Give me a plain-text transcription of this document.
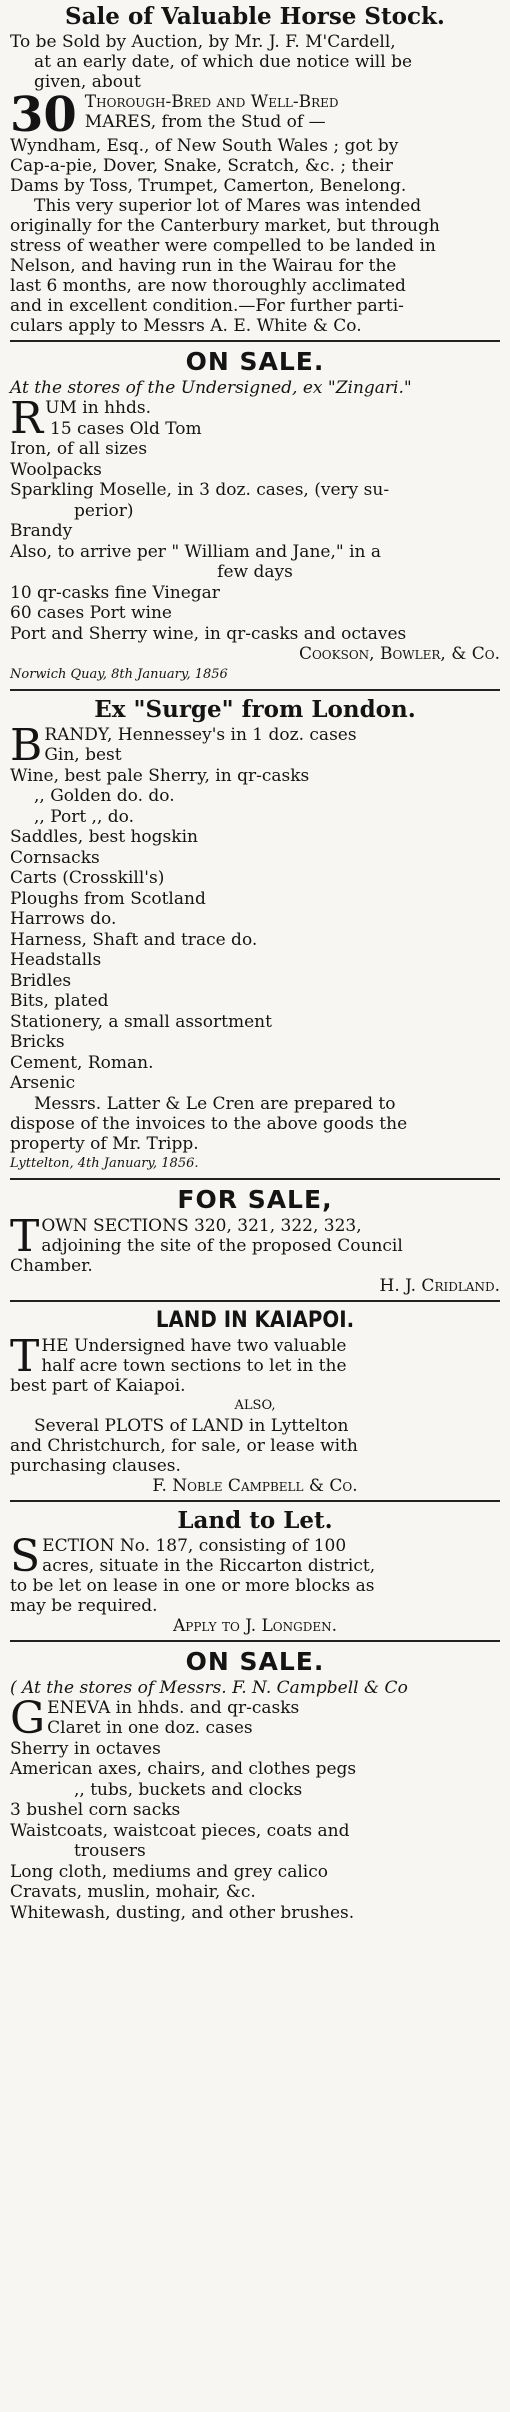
Sale of Valuable Horse Stock.

To be Sold by Auction, by Mr. J. F. M'Cardell,

at an early date, of which due notice will be

given, about

30 Thorough-Bred and Well-Bred

MARES, from the Stud of —

Wyndham, Esq., of New South Wales ; got by

Cap-a-pie, Dover, Snake, Scratch, &c. ; their

Dams by Toss, Trumpet, Camerton, Benelong.

This very superior lot of Mares was intended

originally for the Canterbury market, but through

stress of weather were compelled to be landed in

Nelson, and having run in the Wairau for the

last 6 months, are now thoroughly acclimated

and in excellent condition.—For further parti-

culars apply to Messrs A. E. White & Co.

ON SALE.

At the stores of the Undersigned, ex "Zingari."

R UM in hhds.

15 cases Old Tom

Iron, of all sizes

Woolpacks

Sparkling Moselle, in 3 doz. cases, (very su-

perior)

Brandy

Also, to arrive per " William and Jane," in a

few days

10 qr-casks fine Vinegar

60 cases Port wine

Port and Sherry wine, in qr-casks and octaves

Cookson, Bowler, & Co.

Norwich Quay, 8th January, 1856

Ex "Surge" from London.
B RANDY, Hennessey's in 1 doz. cases

Gin, best

Wine, best pale Sherry, in qr-casks

,, Golden do. do.

,, Port ,, do.

Saddles, best hogskin

Cornsacks

Carts (Crosskill's)

Ploughs from Scotland

Harrows do.

Harness, Shaft and trace do.

Headstalls

Bridles

Bits, plated

Stationery, a small assortment

Bricks

Cement, Roman.

Arsenic

Messrs. Latter & Le Cren are prepared to

dispose of the invoices to the above goods the

property of Mr. Tripp.

Lyttelton, 4th January, 1856.

FOR SALE,
T OWN SECTIONS 320, 321, 322, 323,

adjoining the site of the proposed Council

Chamber.

H. J. Cridland.

LAND IN KAIAPOI.
T HE Undersigned have two valuable

half acre town sections to let in the

best part of Kaiapoi.

ALSO,

Several PLOTS of LAND in Lyttelton

and Christchurch, for sale, or lease with

purchasing clauses.

F. Noble Campbell & Co.

Land to Let.
S ECTION No. 187, consisting of 100

acres, situate in the Riccarton district,

to be let on lease in one or more blocks as

may be required.

Apply to J. Longden.

ON SALE.

( At the stores of Messrs. F. N. Campbell & Co

G ENEVA in hhds. and qr-casks

Claret in one doz. cases

Sherry in octaves

American axes, chairs, and clothes pegs

,, tubs, buckets and clocks

3 bushel corn sacks

Waistcoats, waistcoat pieces, coats and

trousers

Long cloth, mediums and grey calico

Cravats, muslin, mohair, &c.

Whitewash, dusting, and other brushes.
